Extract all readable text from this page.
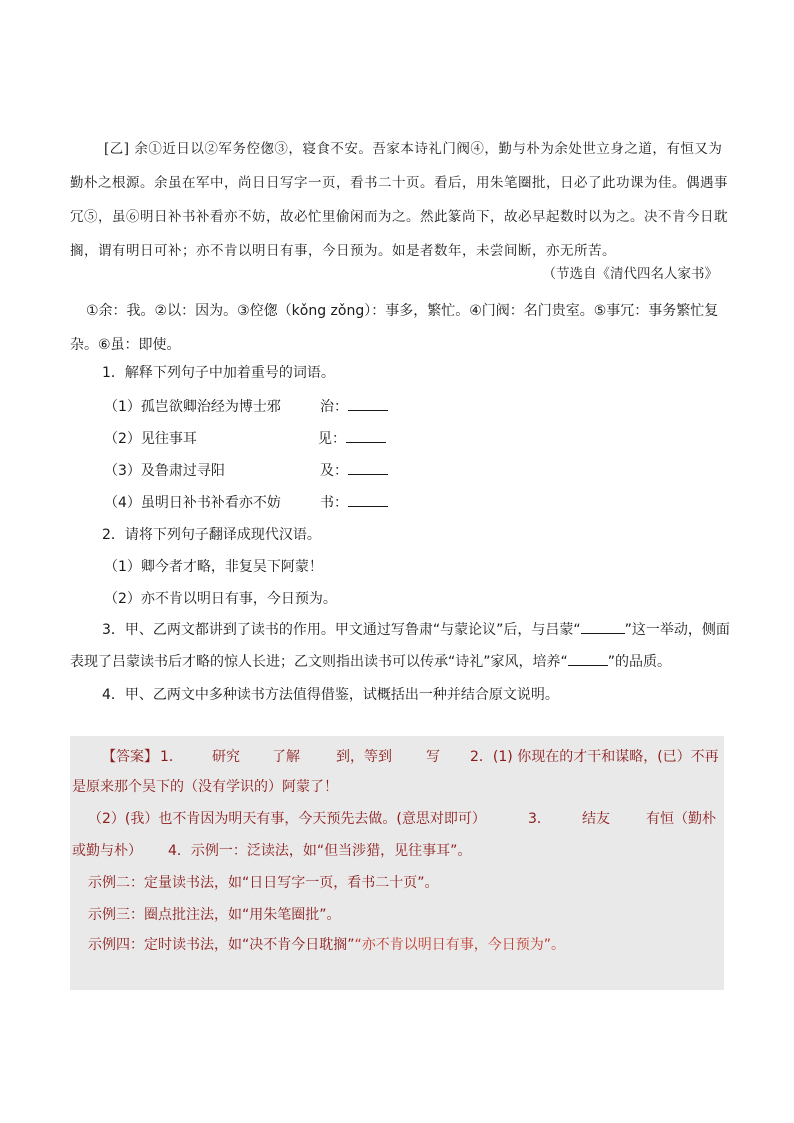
[乙] 余①近日以②军务倥偬③，寝食不安。吾家本诗礼门阀④，勤与朴为余处世立身之道，有恒又为勤朴之根源。余虽在军中，尚日日写字一页，看书二十页。看后，用朱笔圈批，日必了此功课为佳。偶遇事冗⑤，虽⑥明日补书补看亦不妨，故必忙里偷闲而为之。然此篆尚下，故必早起数时以为之。决不肯今日耽搁，谓有明日可补；亦不肯以明日有事，今日预为。如是者数年，未尝间断，亦无所苦。

（节选自《清代四名人家书》

①余：我。②以：因为。③倥偬（kǒng zǒng）：事多，繁忙。④门阀：名门贵室。⑤事冗：事务繁忙复杂。⑥虽：即使。

1．解释下列句子中加着重号的词语。
（1）孤岂欲卿治经为博士邪	治：
（2）见往事耳	见：
（3）及鲁肃过寻阳	及：
（4）虽明日补书补看亦不妨	书：
2．请将下列句子翻译成现代汉语。
（1）卿今者才略，非复吴下阿蒙！
（2）亦不肯以明日有事，今日预为。

3．甲、乙两文都讲到了读书的作用。甲文通过写鲁肃“与蒙论议”后，与吕蒙“	”这一举动，侧面表现了吕蒙读书后才略的惊人长进；乙文则指出读书可以传承“诗礼”家风，培养“	”的品质。

4．甲、乙两文中多种读书方法值得借鉴，试概括出一种并结合原文说明。
【答案】 1． 研究 了解	到，等到 写 2．(1) 你现在的才干和谋略，(已）不再
是原来那个吴下的（没有学识的）阿蒙了！
（2）(我）也不肯因为明天有事，今天预先去做。(意思对即可）	3． 结友	有恒（勤朴
或勤与朴） 4．示例一：泛读法，如“但当涉猎，见往事耳”。
示例二：定量读书法，如“日日写字一页，看书二十页”。
示例三：圈点批注法，如“用朱笔圈批”。
示例四：定时读书法，如“决不肯今日耽搁”“亦不肯以明日有事，今日预为”。
